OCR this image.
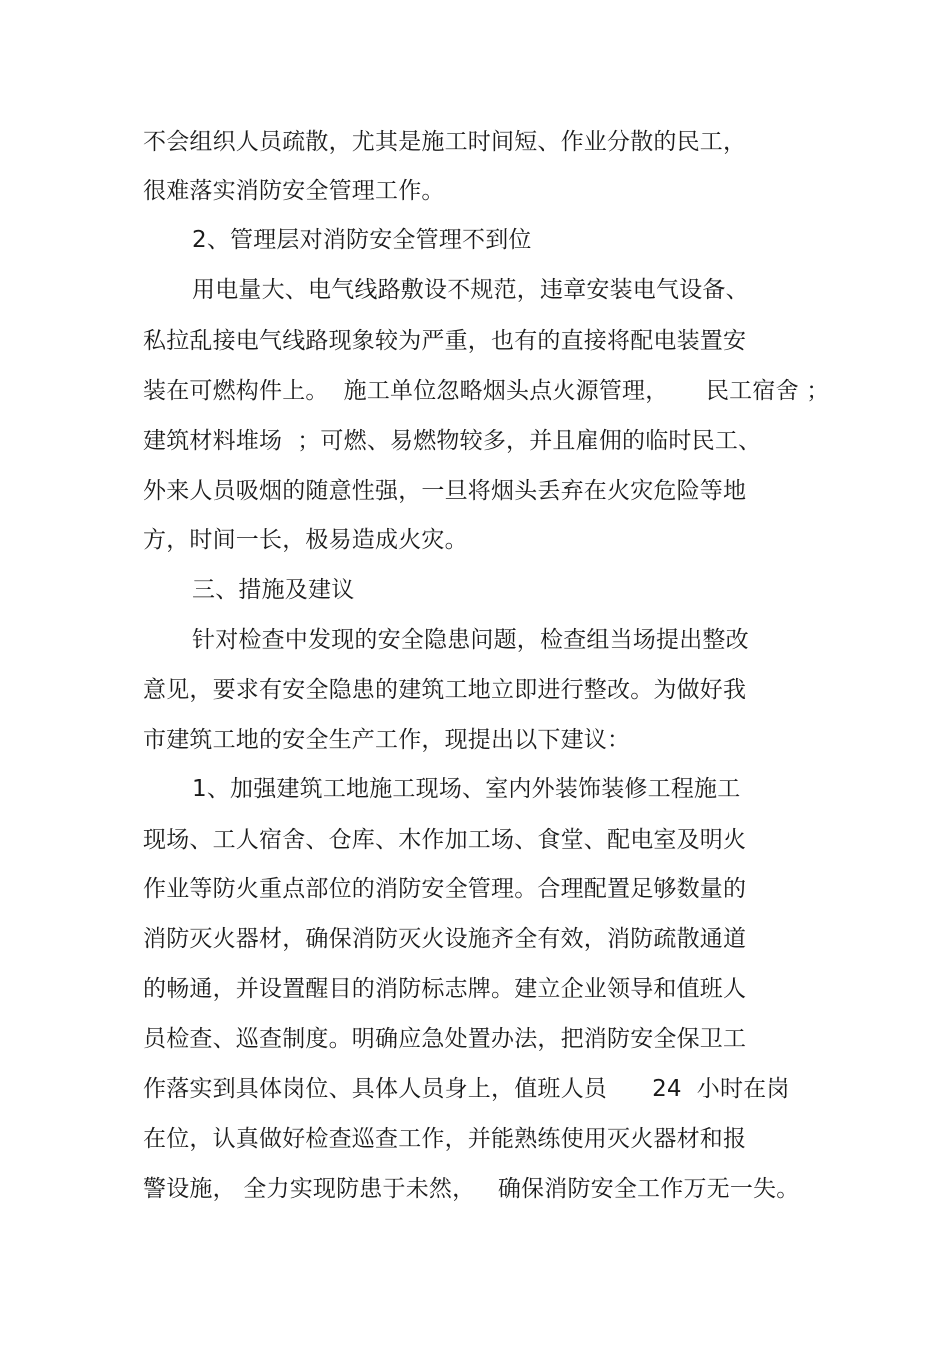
不会组织人员疏散，尤其是施工时间短、作业分散的民工，
很难落实消防安全管理工作。
2、管理层对消防安全管理不到位
用电量大、电气线路敷设不规范，违章安装电气设备、
私拉乱接电气线路现象较为严重，也有的直接将配电装置安
装在可燃构件上。  施工单位忽略烟头点火源管理，     民工宿舍 ；
建筑材料堆场  ；可燃、易燃物较多，并且雇佣的临时民工、
外来人员吸烟的随意性强，一旦将烟头丢弃在火灾危险等地
方，时间一长，极易造成火灾。
三、措施及建议
针对检查中发现的安全隐患问题，检查组当场提出整改
意见，要求有安全隐患的建筑工地立即进行整改。为做好我
市建筑工地的安全生产工作，现提出以下建议：
1、加强建筑工地施工现场、室内外装饰装修工程施工
现场、工人宿舍、仓库、木作加工场、食堂、配电室及明火
作业等防火重点部位的消防安全管理。合理配置足够数量的
消防灭火器材，确保消防灭火设施齐全有效，消防疏散通道
的畅通，并设置醒目的消防标志牌。建立企业领导和值班人
员检查、巡查制度。明确应急处置办法，把消防安全保卫工
作落实到具体岗位、具体人员身上，值班人员      24  小时在岗
在位，认真做好检查巡查工作，并能熟练使用灭火器材和报
警设施， 全力实现防患于未然，   确保消防安全工作万无一失。
